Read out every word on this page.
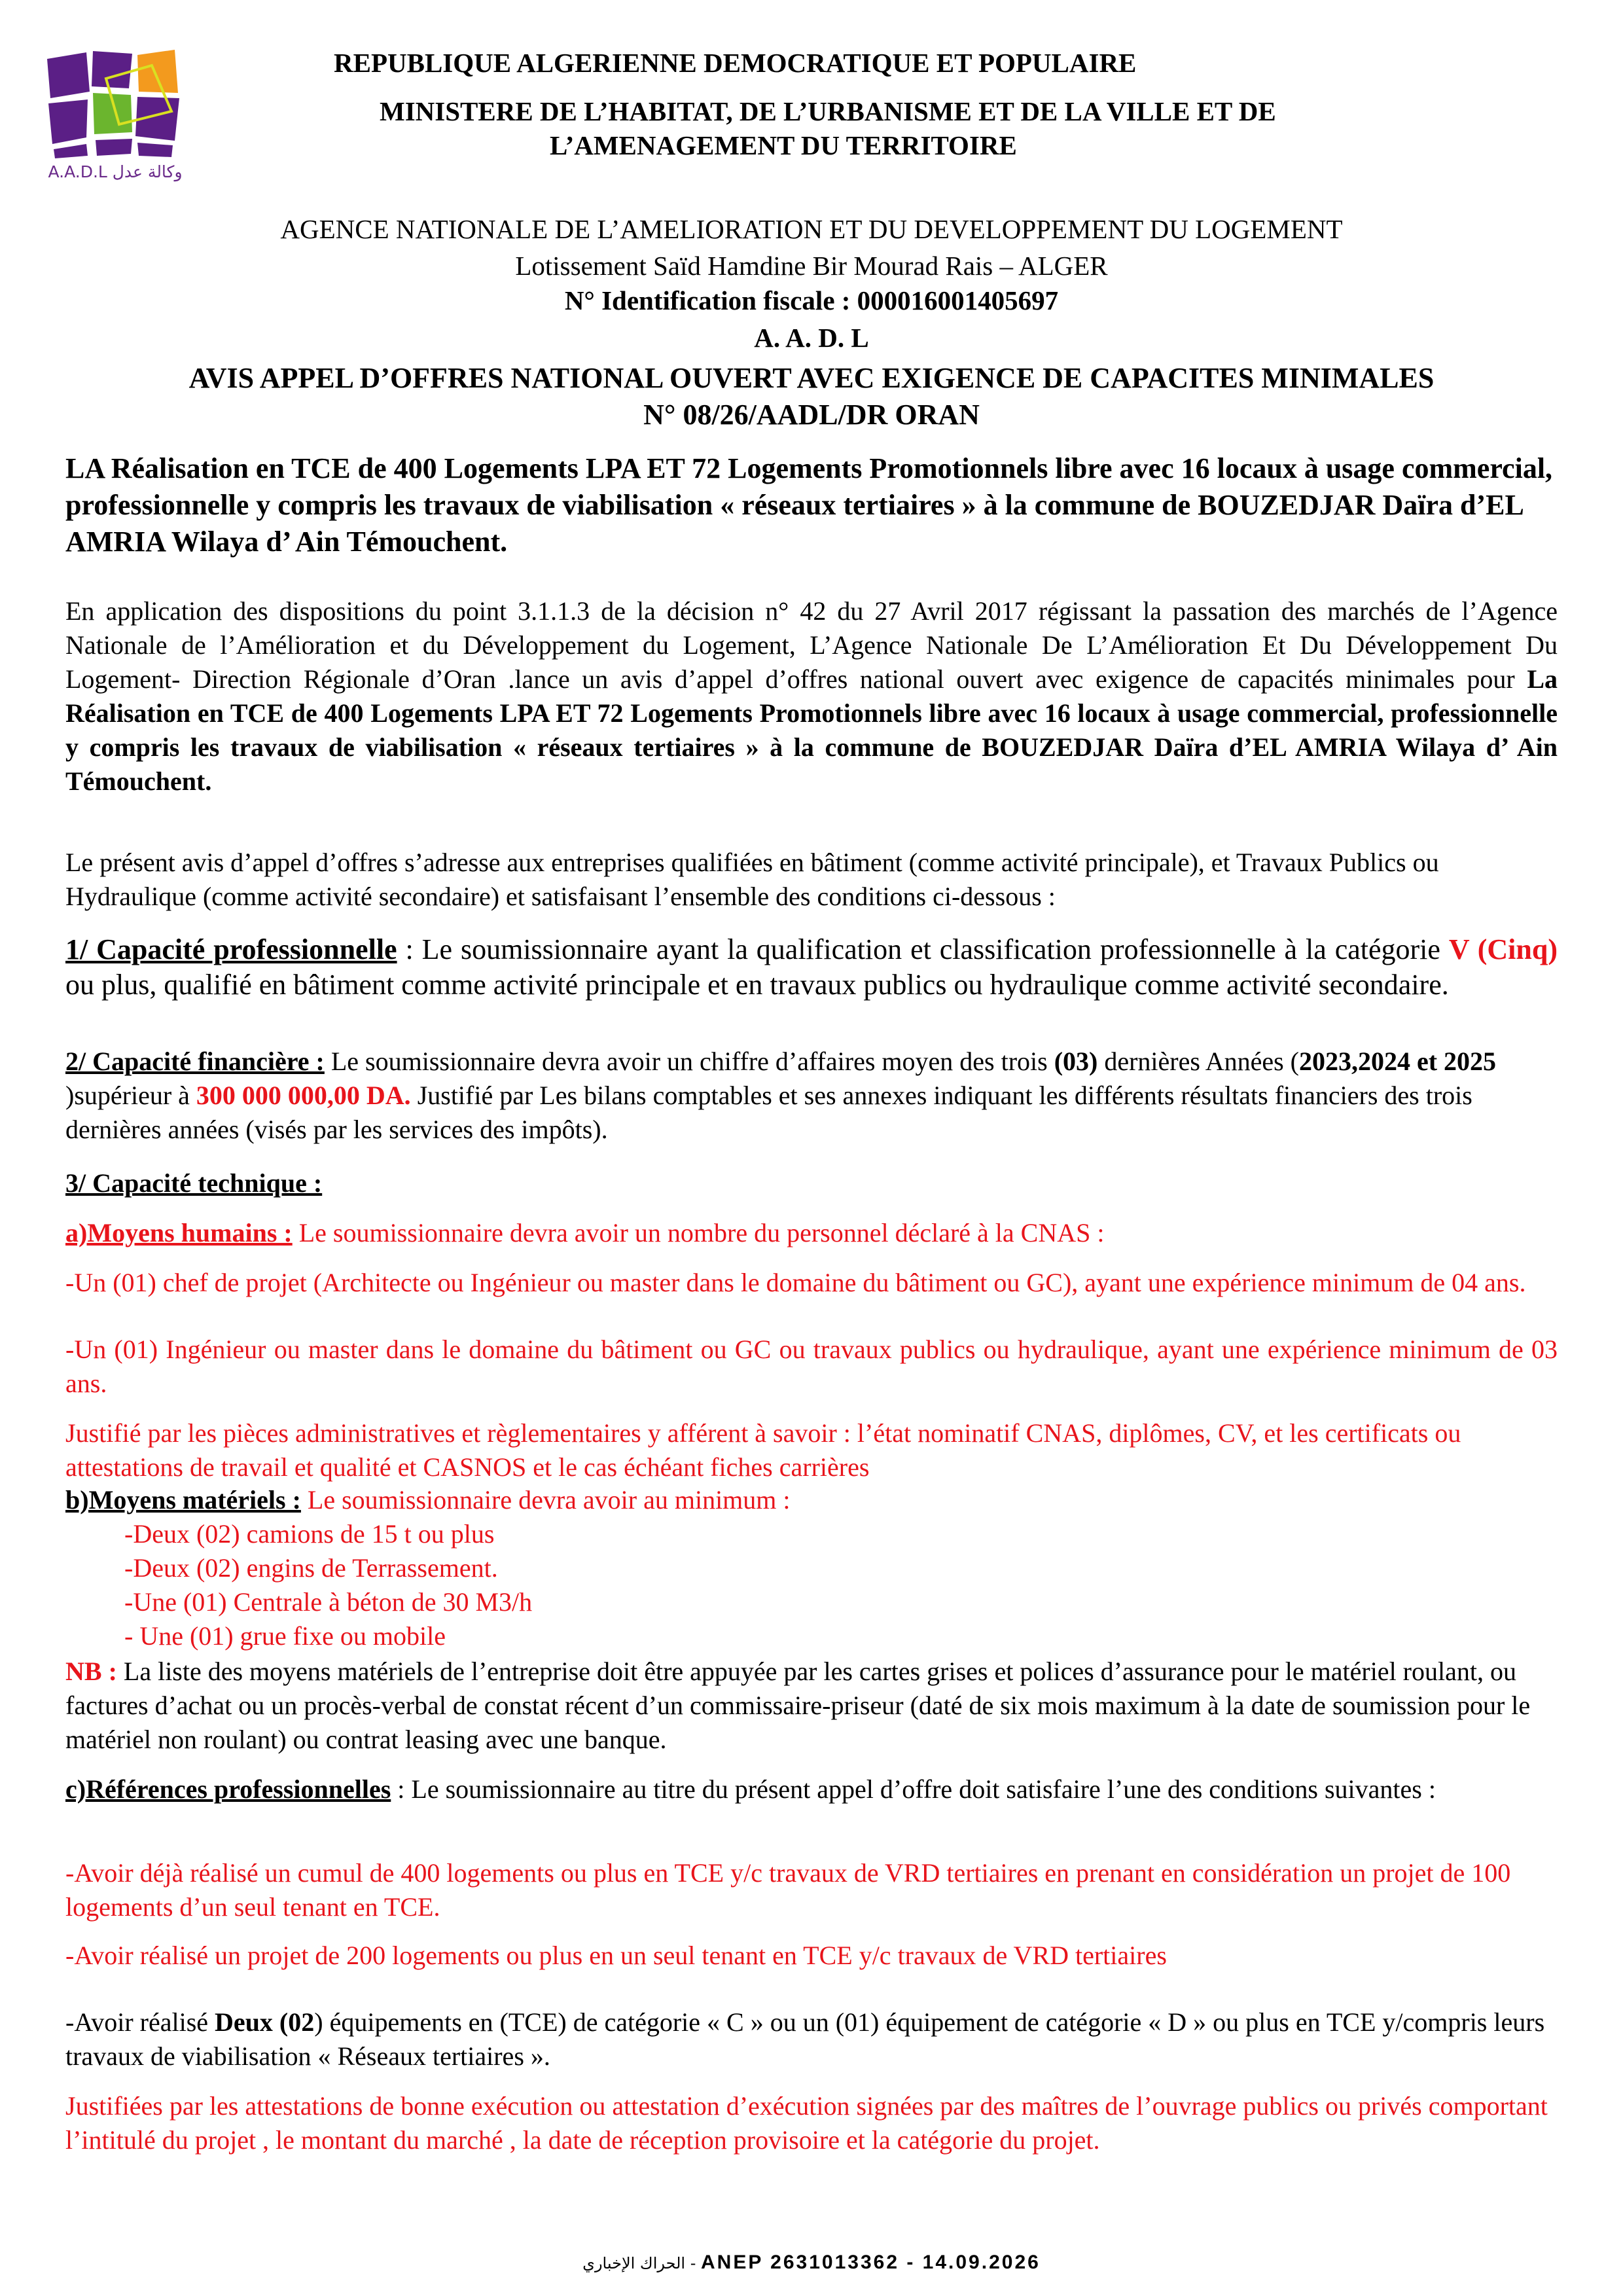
A.A.D.L وكالة عدل
REPUBLIQUE ALGERIENNE DEMOCRATIQUE ET POPULAIRE
MINISTERE DE L’HABITAT, DE L’URBANISME ET DE LA VILLE ET DE
L’AMENAGEMENT DU TERRITOIRE
AGENCE NATIONALE DE L’AMELIORATION ET DU DEVELOPPEMENT DU LOGEMENT
Lotissement Saïd Hamdine Bir Mourad Rais – ALGER
N° Identification fiscale : 000016001405697
A. A. D. L
AVIS APPEL D’OFFRES NATIONAL OUVERT AVEC EXIGENCE DE CAPACITES MINIMALES
N° 08/26/AADL/DR ORAN
LA Réalisation en TCE de 400 Logements LPA ET 72 Logements Promotionnels libre avec 16 locaux à usage commercial, professionnelle y compris les travaux de viabilisation « réseaux tertiaires » à la commune de BOUZEDJAR Daïra d’EL AMRIA Wilaya d’ Ain Témouchent.
En application des dispositions du point 3.1.1.3 de la décision n° 42 du 27 Avril 2017 régissant la passation des marchés de l’Agence Nationale de l’Amélioration et du Développement du Logement, L’Agence Nationale De L’Amélioration Et Du Développement Du Logement- Direction Régionale d’Oran .lance un avis d’appel d’offres national ouvert avec exigence de capacités minimales pour La Réalisation en TCE de 400 Logements LPA ET 72 Logements Promotionnels libre avec 16 locaux à usage commercial, professionnelle y compris les travaux de viabilisation « réseaux tertiaires » à la commune de BOUZEDJAR Daïra d’EL AMRIA Wilaya d’ Ain Témouchent.
Le présent avis d’appel d’offres s’adresse aux entreprises qualifiées en bâtiment (comme activité principale), et Travaux Publics ou Hydraulique (comme activité secondaire) et satisfaisant l’ensemble des conditions ci-dessous :
1/ Capacité professionnelle : Le soumissionnaire ayant la qualification et classification professionnelle à la catégorie V (Cinq) ou plus, qualifié en bâtiment comme activité principale et en travaux publics ou hydraulique comme activité secondaire.
2/ Capacité financière : Le soumissionnaire devra avoir un chiffre d’affaires moyen des trois (03) dernières Années (2023,2024 et 2025 )supérieur à 300 000 000,00 DA. Justifié par Les bilans comptables et ses annexes indiquant les différents résultats financiers des trois dernières années (visés par les services des impôts).
3/ Capacité technique :
a)Moyens humains : Le soumissionnaire devra avoir un nombre du personnel déclaré à la CNAS :
-Un (01) chef de projet (Architecte ou Ingénieur ou master dans le domaine du bâtiment ou GC), ayant une expérience minimum de 04 ans.
-Un (01) Ingénieur ou master dans le domaine du bâtiment ou GC ou travaux publics ou hydraulique, ayant une expérience minimum de 03 ans.
Justifié par les pièces administratives et règlementaires y afférent à savoir : l’état nominatif CNAS, diplômes, CV, et les certificats ou attestations de travail et qualité et CASNOS et le cas échéant fiches carrières
b)Moyens matériels : Le soumissionnaire devra avoir au minimum :
-Deux (02) camions de 15 t ou plus
-Deux (02) engins de Terrassement.
-Une (01) Centrale à béton de 30 M3/h
- Une (01) grue fixe ou mobile
NB : La liste des moyens matériels de l’entreprise doit être appuyée par les cartes grises et polices d’assurance pour le matériel roulant, ou factures d’achat ou un procès-verbal de constat récent d’un commissaire-priseur (daté de six mois maximum à la date de soumission pour le matériel non roulant) ou contrat leasing avec une banque.
c)Références professionnelles : Le soumissionnaire au titre du présent appel d’offre doit satisfaire l’une des conditions suivantes :
-Avoir déjà réalisé un cumul de 400 logements ou plus en TCE y/c travaux de VRD tertiaires en prenant en considération un projet de 100 logements d’un seul tenant en TCE.
-Avoir réalisé un projet de 200 logements ou plus en un seul tenant en TCE y/c travaux de VRD tertiaires
-Avoir réalisé Deux (02) équipements en (TCE) de catégorie « C » ou un (01) équipement de catégorie « D » ou plus en TCE y/compris leurs travaux de viabilisation « Réseaux tertiaires ».
Justifiées par les attestations de bonne exécution ou attestation d’exécution signées par des maîtres de l’ouvrage publics ou privés comportant l’intitulé du projet , le montant du marché , la date de réception provisoire et la catégorie du projet.
الحراك الإخباري - ANEP 2631013362 - 14.09.2026
